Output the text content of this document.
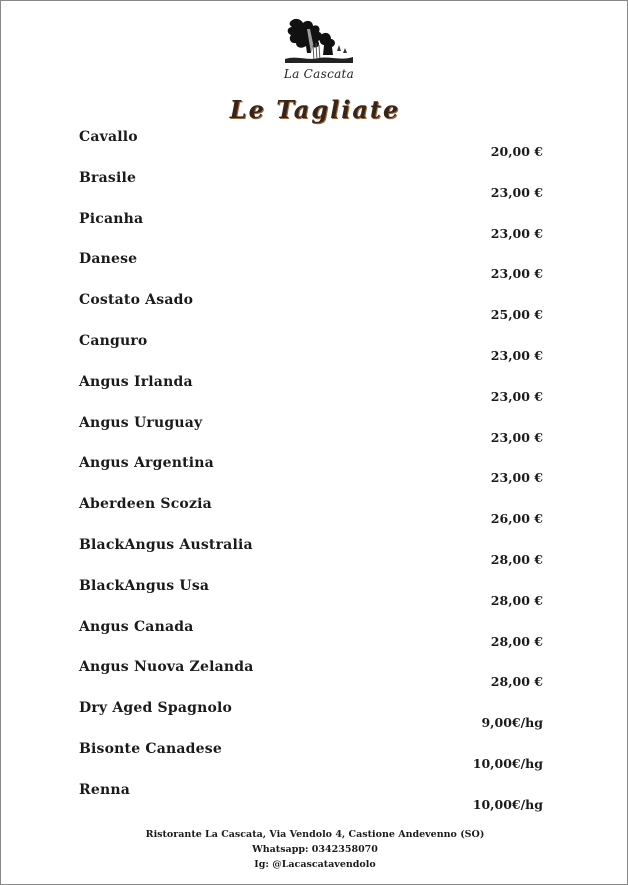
La Cascata
Le Tagliate
Cavallo
20,00 €
Brasile
23,00 €
Picanha
23,00 €
Danese
23,00 €
Costato Asado
25,00 €
Canguro
23,00 €
Angus Irlanda
23,00 €
Angus Uruguay
23,00 €
Angus Argentina
23,00 €
Aberdeen Scozia
26,00 €
BlackAngus Australia
28,00 €
BlackAngus Usa
28,00 €
Angus Canada
28,00 €
Angus Nuova Zelanda
28,00 €
Dry Aged Spagnolo
9,00€/hg
Bisonte Canadese
10,00€/hg
Renna
10,00€/hg
Ristorante La Cascata, Via Vendolo 4, Castione Andevenno (SO)
Whatsapp: 0342358070
Ig: @Lacascatavendolo
